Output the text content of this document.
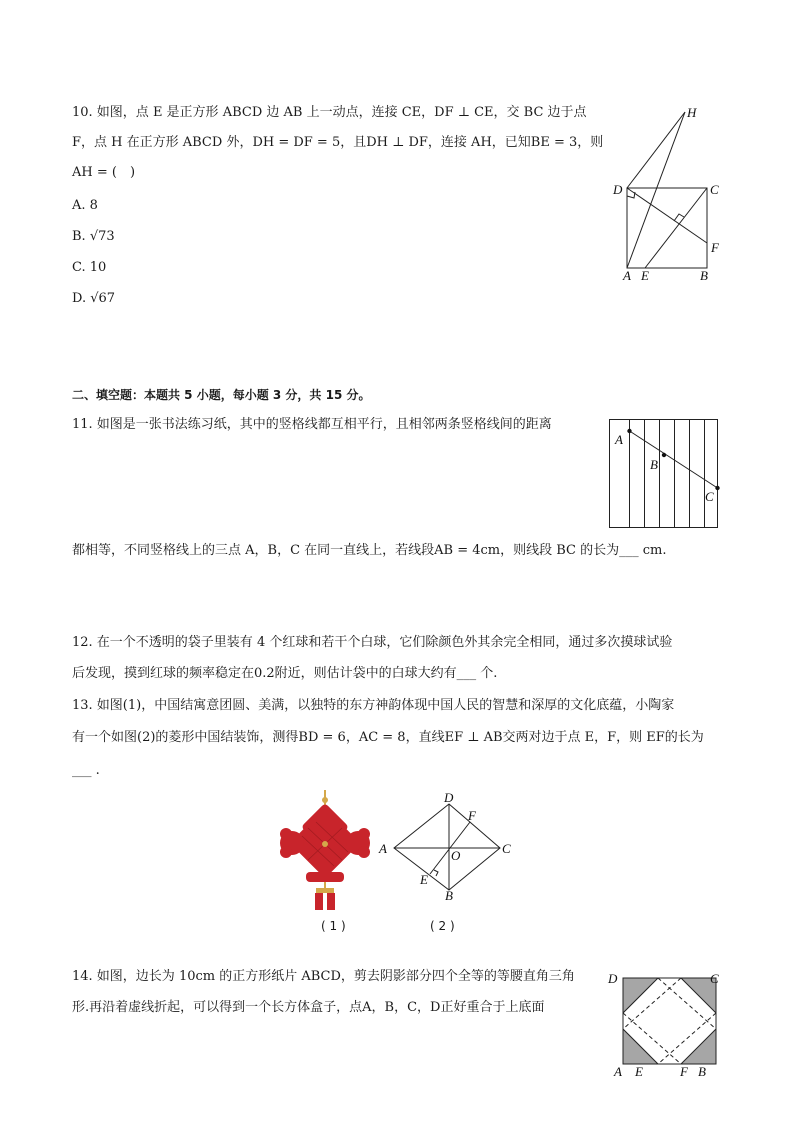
10. 如图，点 E 是正方形 ABCD 边 AB 上一动点，连接 CE，DF ⊥ CE，交 BC 边于点
F，点 H 在正方形 ABCD 外，DH = DF = 5，且DH ⊥ DF，连接 AH，已知BE = 3，则
AH = (　)
A. 8
B. √73
C. 10
D. √67
H
D	C
F
A E	B
二、填空题：本题共 5 小题，每小题 3 分，共 15 分。
11. 如图是一张书法练习纸，其中的竖格线都互相平行，且相邻两条竖格线间的距离
A
B
C
都相等，不同竖格线上的三点 A，B，C 在同一直线上，若线段AB = 4cm，则线段 BC 的长为___ cm.
12. 在一个不透明的袋子里装有 4 个红球和若干个白球，它们除颜色外其余完全相同，通过多次摸球试验
后发现，摸到红球的频率稳定在0.2附近，则估计袋中的白球大约有___ 个.
13. 如图(1)，中国结寓意团圆、美满，以独特的东方神韵体现中国人民的智慧和深厚的文化底蕴，小陶家
有一个如图(2)的菱形中国结装饰，测得BD = 6，AC = 8，直线EF ⊥ AB交两对边于点 E，F，则 EF的长为
___ .
( 1 )
D
F
A	O	C
E
B
( 2 )
14. 如图，边长为 10cm 的正方形纸片 ABCD，剪去阴影部分四个全等的等腰直角三角
形.再沿着虚线折起，可以得到一个长方体盒子，点A，B，C，D正好重合于上底面
D	C
A E	F B
